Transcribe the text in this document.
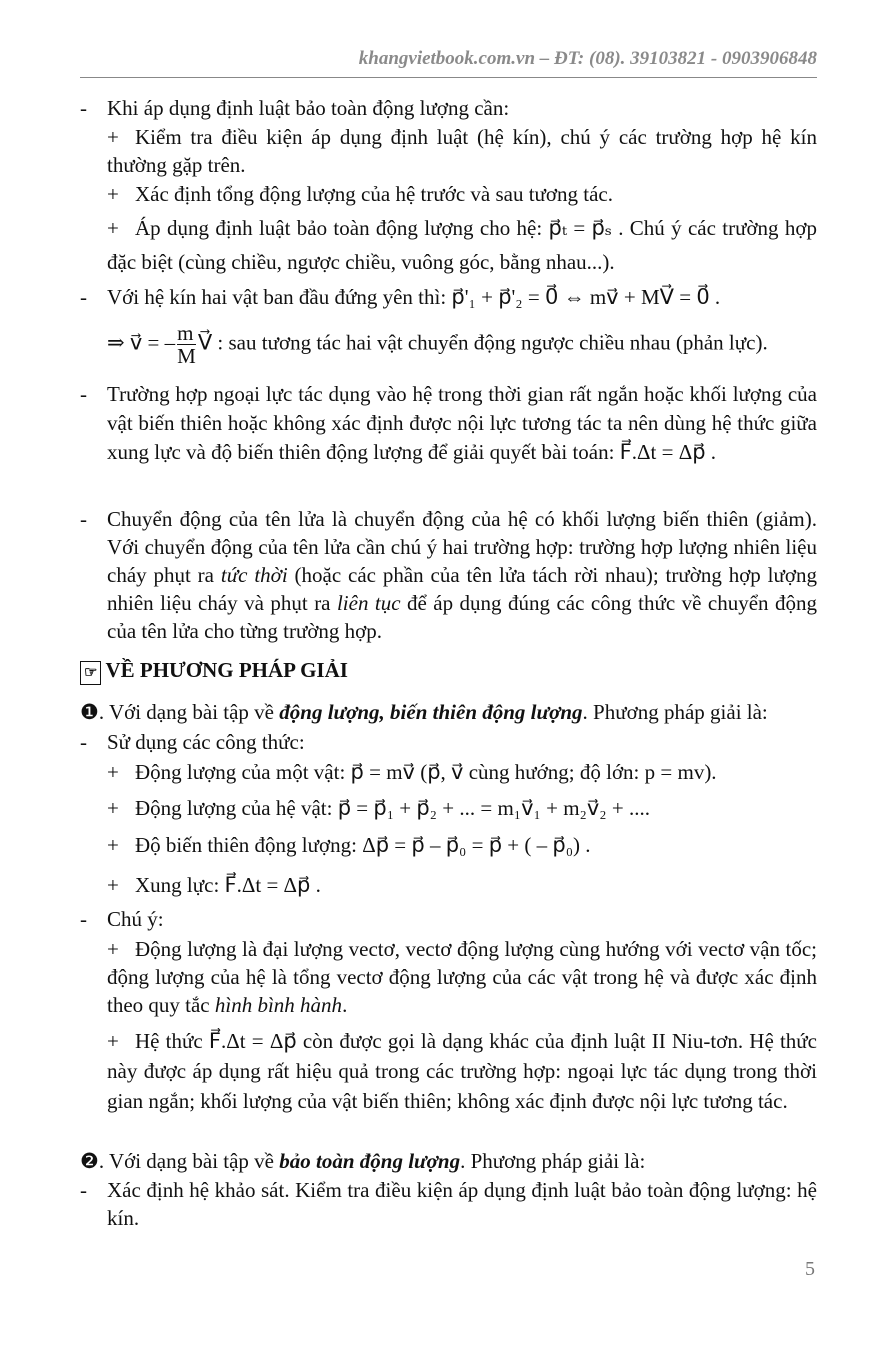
khangvietbook.com.vn – ĐT: (08). 39103821 - 0903906848
- Khi áp dụng định luật bảo toàn động lượng cần:
+ Kiểm tra điều kiện áp dụng định luật (hệ kín), chú ý các trường hợp hệ kín thường gặp trên.
+ Xác định tổng động lượng của hệ trước và sau tương tác.
+ Áp dụng định luật bảo toàn động lượng cho hệ: p⃗ₜ = p⃗ₛ . Chú ý các trường hợp đặc biệt (cùng chiều, ngược chiều, vuông góc, bằng nhau...).
- Với hệ kín hai vật ban đầu đứng yên thì: p⃗'₁ + p⃗'₂ = 0⃗ ⇔ mv⃗ + MV⃗ = 0⃗ .
⇒ v⃗ = – $\frac{m}{M}$ V⃗ : sau tương tác hai vật chuyển động ngược chiều nhau (phản lực).
- Trường hợp ngoại lực tác dụng vào hệ trong thời gian rất ngắn hoặc khối lượng của vật biến thiên hoặc không xác định được nội lực tương tác ta nên dùng hệ thức giữa xung lực và độ biến thiên động lượng để giải quyết bài toán: F⃗.Δt = Δp⃗ .
- Chuyển động của tên lửa là chuyển động của hệ có khối lượng biến thiên (giảm). Với chuyển động của tên lửa cần chú ý hai trường hợp: trường hợp lượng nhiên liệu cháy phụt ra tức thời (hoặc các phần của tên lửa tách rời nhau); trường hợp lượng nhiên liệu cháy và phụt ra liên tục để áp dụng đúng các công thức về chuyển động của tên lửa cho từng trường hợp.
☞ VỀ PHƯƠNG PHÁP GIẢI
❶. Với dạng bài tập về động lượng, biến thiên động lượng. Phương pháp giải là:
- Sử dụng các công thức:
+ Động lượng của một vật: p⃗ = mv⃗ (p⃗, v⃗ cùng hướng; độ lớn: p = mv).
+ Động lượng của hệ vật: p⃗ = p⃗₁ + p⃗₂ + ... = m₁v⃗₁ + m₂v⃗₂ + ....
+ Độ biến thiên động lượng: Δp⃗ = p⃗ – p⃗₀ = p⃗ + ( – p⃗₀) .
+ Xung lực: F⃗.Δt = Δp⃗ .
- Chú ý:
+ Động lượng là đại lượng vectơ, vectơ động lượng cùng hướng với vectơ vận tốc; động lượng của hệ là tổng vectơ động lượng của các vật trong hệ và được xác định theo quy tắc hình bình hành.
+ Hệ thức F⃗.Δt = Δp⃗ còn được gọi là dạng khác của định luật II Niu-tơn. Hệ thức này được áp dụng rất hiệu quả trong các trường hợp: ngoại lực tác dụng trong thời gian ngắn; khối lượng của vật biến thiên; không xác định được nội lực tương tác.
❷. Với dạng bài tập về bảo toàn động lượng. Phương pháp giải là:
- Xác định hệ khảo sát. Kiểm tra điều kiện áp dụng định luật bảo toàn động lượng: hệ kín.
5
